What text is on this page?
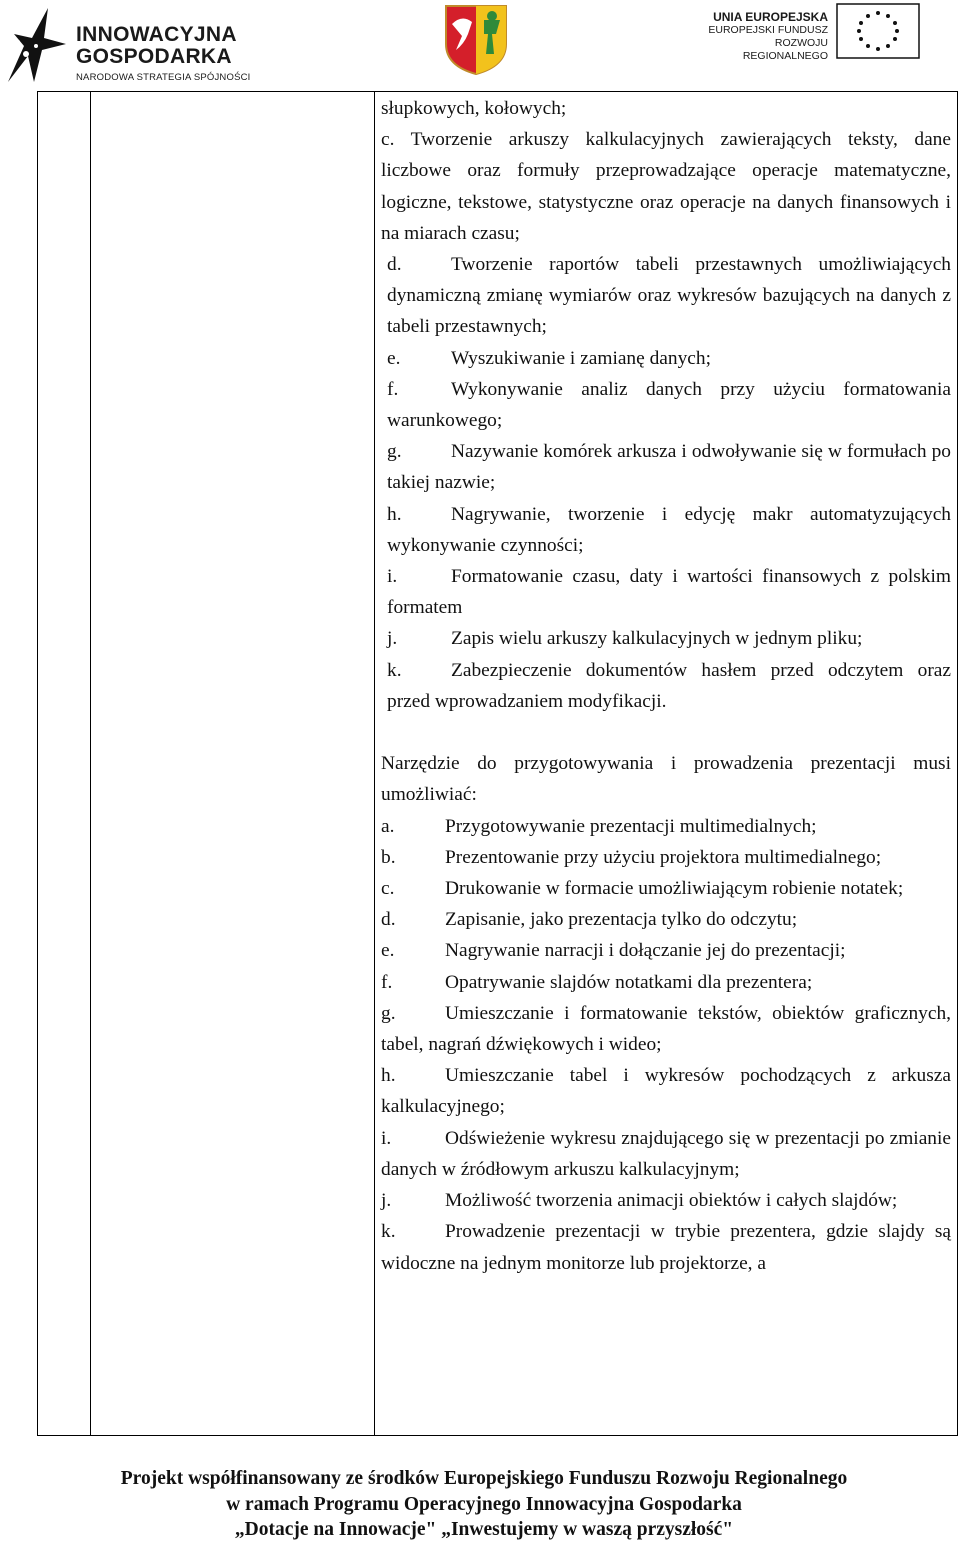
INNOWACYJNA
GOSPODARKA
NARODOWA STRATEGIA SPÓJNOŚCI
UNIA EUROPEJSKA
EUROPEJSKI FUNDUSZ
ROZWOJU REGIONALNEGO

słupkowych, kołowych;

c. Tworzenie arkuszy kalkulacyjnych zawierających teksty, dane liczbowe oraz formuły przeprowadzające operacje matematyczne, logiczne, tekstowe, statystyczne oraz operacje na danych finansowych i na miarach czasu;

d.	Tworzenie raportów tabeli przestawnych umożliwiających dynamiczną zmianę wymiarów oraz wykresów bazujących na danych z tabeli przestawnych;

e.	Wyszukiwanie i zamianę danych;

f.	Wykonywanie analiz danych przy użyciu formatowania warunkowego;

g.	Nazywanie komórek arkusza i odwoływanie się w formułach po takiej nazwie;

h.	Nagrywanie, tworzenie i edycję makr automatyzujących wykonywanie czynności;

i.	Formatowanie czasu, daty i wartości finansowych z polskim formatem

j.	Zapis wielu arkuszy kalkulacyjnych w jednym pliku;

k.	Zabezpieczenie dokumentów hasłem przed odczytem oraz przed wprowadzaniem modyfikacji.

Narzędzie do przygotowywania i prowadzenia prezentacji musi umożliwiać:

a.	Przygotowywanie prezentacji multimedialnych;

b.	Prezentowanie przy użyciu projektora multimedialnego;

c.	Drukowanie w formacie umożliwiającym robienie notatek;

d.	Zapisanie, jako prezentacja tylko do odczytu;

e.	Nagrywanie narracji i dołączanie jej do prezentacji;

f.	Opatrywanie slajdów notatkami dla prezentera;

g.	Umieszczanie i formatowanie tekstów, obiektów graficznych, tabel, nagrań dźwiękowych i wideo;

h.	Umieszczanie tabel i wykresów pochodzących z arkusza kalkulacyjnego;

i.	Odświeżenie wykresu znajdującego się w prezentacji po zmianie danych w źródłowym arkuszu kalkulacyjnym;

j.	Możliwość tworzenia animacji obiektów i całych slajdów;

k.	Prowadzenie prezentacji w trybie prezentera, gdzie slajdy są widoczne na jednym monitorze lub projektorze, a

Projekt współfinansowany ze środków Europejskiego Funduszu Rozwoju Regionalnego
w ramach Programu Operacyjnego Innowacyjna Gospodarka
„Dotacje na Innowacje" „Inwestujemy w waszą przyszłość"
